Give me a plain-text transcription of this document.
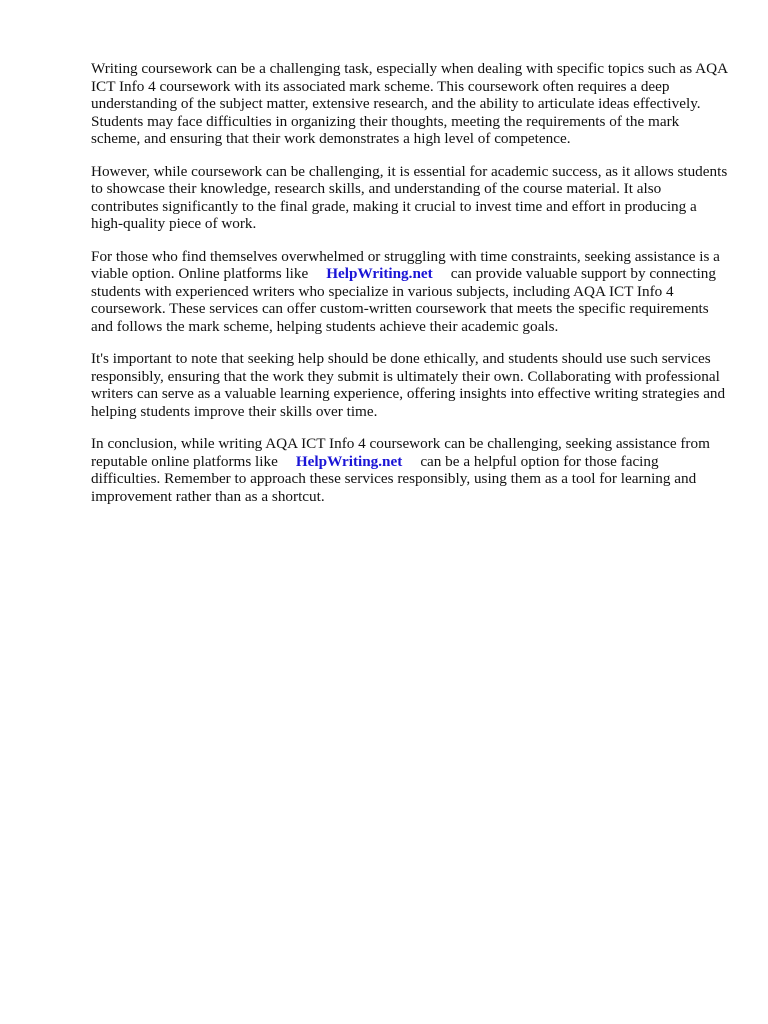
Writing coursework can be a challenging task, especially when dealing with specific topics such as AQA ICT Info 4 coursework with its associated mark scheme. This coursework often requires a deep understanding of the subject matter, extensive research, and the ability to articulate ideas effectively. Students may face difficulties in organizing their thoughts, meeting the requirements of the mark scheme, and ensuring that their work demonstrates a high level of competence.

However, while coursework can be challenging, it is essential for academic success, as it allows students to showcase their knowledge, research skills, and understanding of the course material. It also contributes significantly to the final grade, making it crucial to invest time and effort in producing a high-quality piece of work.

For those who find themselves overwhelmed or struggling with time constraints, seeking assistance is a viable option. Online platforms like HelpWriting.net can provide valuable support by connecting students with experienced writers who specialize in various subjects, including AQA ICT Info 4 coursework. These services can offer custom-written coursework that meets the specific requirements and follows the mark scheme, helping students achieve their academic goals.

It's important to note that seeking help should be done ethically, and students should use such services responsibly, ensuring that the work they submit is ultimately their own. Collaborating with professional writers can serve as a valuable learning experience, offering insights into effective writing strategies and helping students improve their skills over time.

In conclusion, while writing AQA ICT Info 4 coursework can be challenging, seeking assistance from reputable online platforms like HelpWriting.net can be a helpful option for those facing difficulties. Remember to approach these services responsibly, using them as a tool for learning and improvement rather than as a shortcut.
